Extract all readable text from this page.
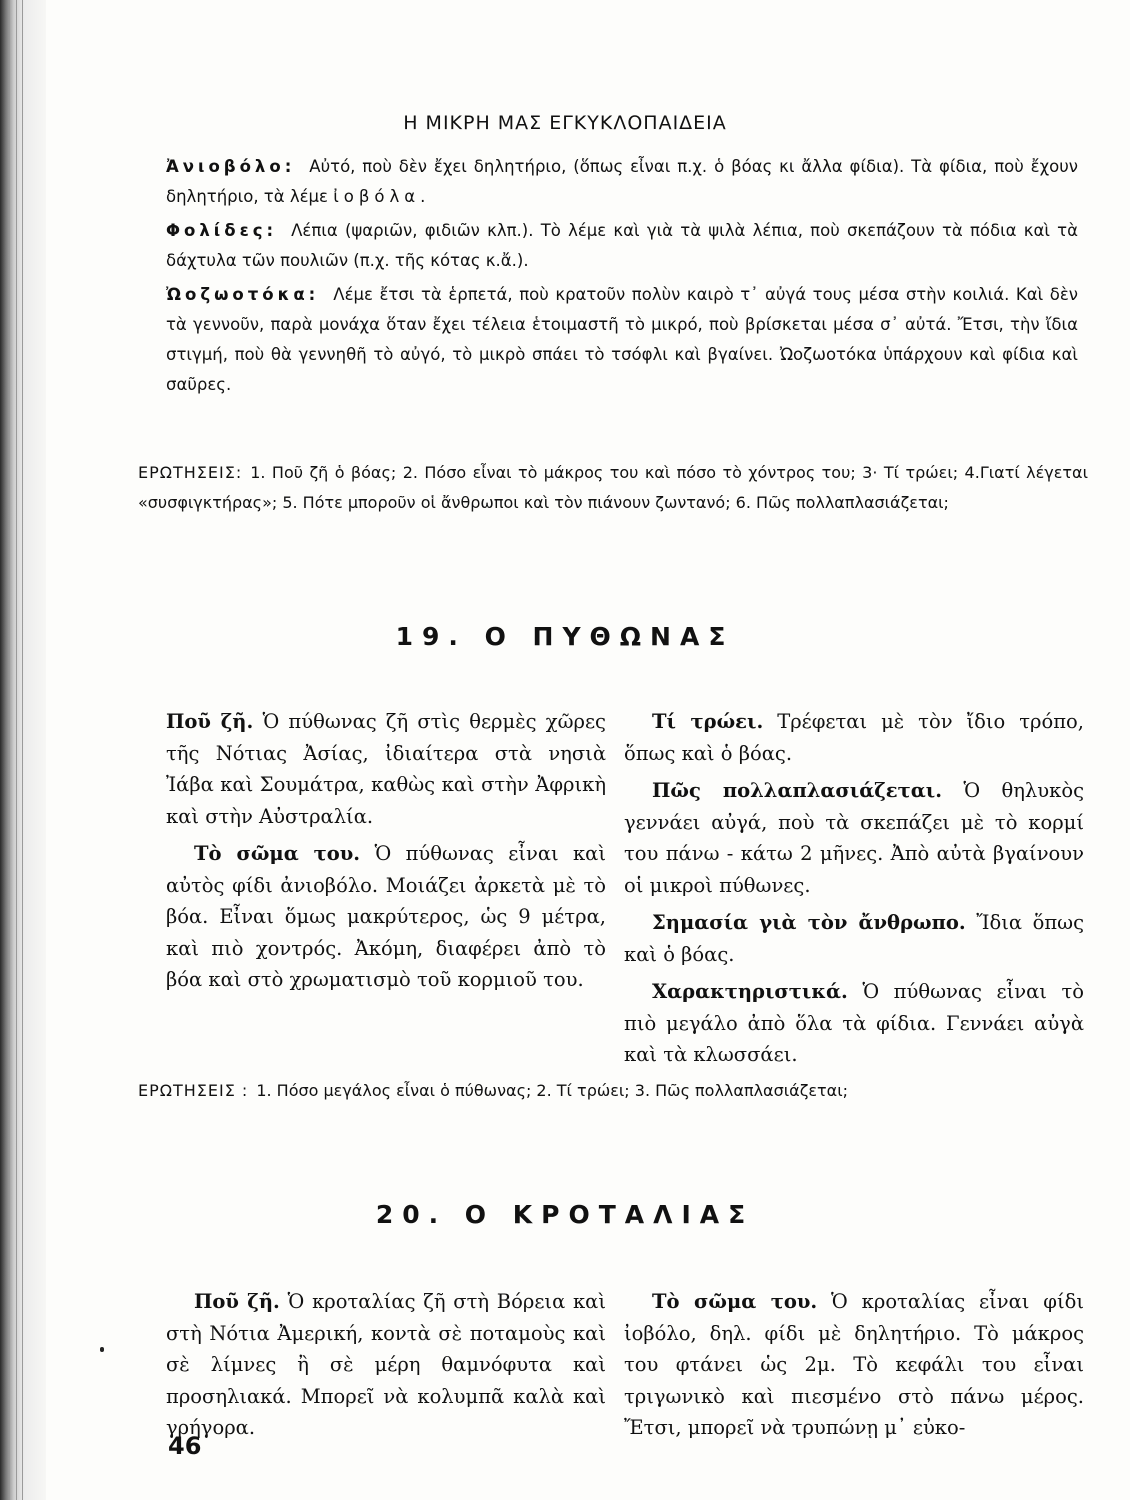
Η ΜΙΚΡΗ ΜΑΣ ΕΓΚΥΚΛΟΠΑΙΔΕΙΑ

Ἀνιοβόλο: Αὐτό, ποὺ δὲν ἔχει δηλητήριο, (ὅπως εἶναι π.χ. ὁ βόας κι ἄλλα φίδια). Τὰ φίδια, ποὺ ἔχουν δηλητήριο, τὰ λέμε ἰοβόλα.

Φολίδες: Λέπια (ψαριῶν, φιδιῶν κλπ.). Τὸ λέμε καὶ γιὰ τὰ ψιλὰ λέπια, ποὺ σκεπάζουν τὰ πόδια καὶ τὰ δάχτυλα τῶν πουλιῶν (π.χ. τῆς κότας κ.ἄ.).

Ὠοζωοτόκα: Λέμε ἔτσι τὰ ἑρπετά, ποὺ κρατοῦν πολὺν καιρὸ τ᾽ αὐγά τους μέσα στὴν κοιλιά. Καὶ δὲν τὰ γεννοῦν, παρὰ μονάχα ὅταν ἔχει τέλεια ἑτοιμαστῆ τὸ μικρό, ποὺ βρίσκεται μέσα σ᾽ αὐτά. Ἔτσι, τὴν ἴδια στιγμή, ποὺ θὰ γεννηθῆ τὸ αὐγό, τὸ μικρὸ σπάει τὸ τσόφλι καὶ βγαίνει. Ὠοζωοτόκα ὑπάρχουν καὶ φίδια καὶ σαῦρες.

ΕΡΩΤΗΣΕΙΣ: 1. Ποῦ ζῆ ὁ βόας; 2. Πόσο εἶναι τὸ μάκρος του καὶ πόσο τὸ χόντρος του; 3· Τί τρώει; 4.Γιατί λέγεται «συσφιγκτήρας»; 5. Πότε μποροῦν οἱ ἄνθρωποι καὶ τὸν πιάνουν ζωντανό; 6. Πῶς πολλαπλασιάζεται;

19. Ο ΠΥΘΩΝΑΣ

Ποῦ ζῆ. Ὁ πύθωνας ζῆ στὶς θερμὲς χῶρες τῆς Νότιας Ἀσίας, ἰδιαίτερα στὰ νησιὰ Ἰάβα καὶ Σουμάτρα, καθὼς καὶ στὴν Ἀφρικὴ καὶ στὴν Αὐστραλία.

Τὸ σῶμα του. Ὁ πύθωνας εἶναι καὶ αὐτὸς φίδι ἀνιοβόλο. Μοιάζει ἀρκετὰ μὲ τὸ βόα. Εἶναι ὅμως μακρύτερος, ὡς 9 μέτρα, καὶ πιὸ χοντρός. Ἀκόμη, διαφέρει ἀπὸ τὸ βόα καὶ στὸ χρωματισμὸ τοῦ κορμιοῦ του.

Τί τρώει. Τρέφεται μὲ τὸν ἴδιο τρόπο, ὅπως καὶ ὁ βόας.

Πῶς πολλαπλασιάζεται. Ὁ θηλυκὸς γεννάει αὐγά, ποὺ τὰ σκεπάζει μὲ τὸ κορμί του πάνω - κάτω 2 μῆνες. Ἀπὸ αὐτὰ βγαίνουν οἱ μικροὶ πύθωνες.

Σημασία γιὰ τὸν ἄνθρωπο. Ἴδια ὅπως καὶ ὁ βόας.

Χαρακτηριστικά. Ὁ πύθωνας εἶναι τὸ πιὸ μεγάλο ἀπὸ ὅλα τὰ φίδια. Γεννάει αὐγὰ καὶ τὰ κλωσσάει.

ΕΡΩΤΗΣΕΙΣ : 1. Πόσο μεγάλος εἶναι ὁ πύθωνας; 2. Τί τρώει; 3. Πῶς πολλαπλασιάζεται;

20. Ο ΚΡΟΤΑΛΙΑΣ

Ποῦ ζῆ. Ὁ κροταλίας ζῆ στὴ Βόρεια καὶ στὴ Νότια Ἀμερική, κοντὰ σὲ ποταμοὺς καὶ σὲ λίμνες ἢ σὲ μέρη θαμνόφυτα καὶ προσηλιακά. Μπορεῖ νὰ κολυμπᾶ καλὰ καὶ γρήγορα.

Τὸ σῶμα του. Ὁ κροταλίας εἶναι φίδι ἰοβόλο, δηλ. φίδι μὲ δηλητήριο. Τὸ μάκρος του φτάνει ὡς 2μ. Τὸ κεφάλι του εἶναι τριγωνικὸ καὶ πιεσμένο στὸ πάνω μέρος. Ἔτσι, μπορεῖ νὰ τρυπώνῃ μ᾽ εὐκο-

46
